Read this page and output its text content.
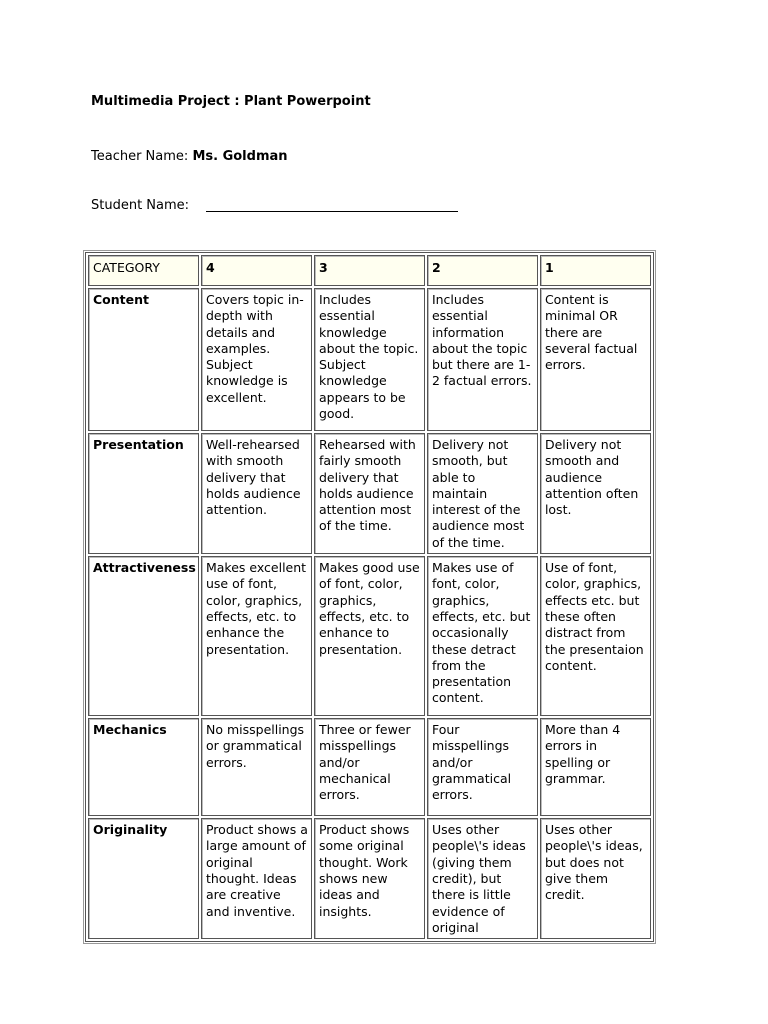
Multimedia Project : Plant Powerpoint
Teacher Name: Ms. Goldman
Student Name:
CATEGORY	4	3	2	1
Content	Covers topic in-depth with details and examples. Subject knowledge is excellent.	Includes essential knowledge about the topic. Subject knowledge appears to be good.	Includes essential information about the topic but there are 1-2 factual errors.	Content is minimal OR there are several factual errors.
Presentation	Well-rehearsed with smooth delivery that holds audience attention.	Rehearsed with fairly smooth delivery that holds audience attention most of the time.	Delivery not smooth, but able to maintain interest of the audience most of the time.	Delivery not smooth and audience attention often lost.
Attractiveness	Makes excellent use of font, color, graphics, effects, etc. to enhance the presentation.	Makes good use of font, color, graphics, effects, etc. to enhance to presentation.	Makes use of font, color, graphics, effects, etc. but occasionally these detract from the presentation content.	Use of font, color, graphics, effects etc. but these often distract from the presentaion content.
Mechanics	No misspellings or grammatical errors.	Three or fewer misspellings and/or mechanical errors.	Four misspellings and/or grammatical errors.	More than 4 errors in spelling or grammar.
Originality	Product shows a large amount of original thought. Ideas are creative and inventive.	Product shows some original thought. Work shows new ideas and insights.	Uses other people\'s ideas (giving them credit), but there is little evidence of original	Uses other people\'s ideas, but does not give them credit.
